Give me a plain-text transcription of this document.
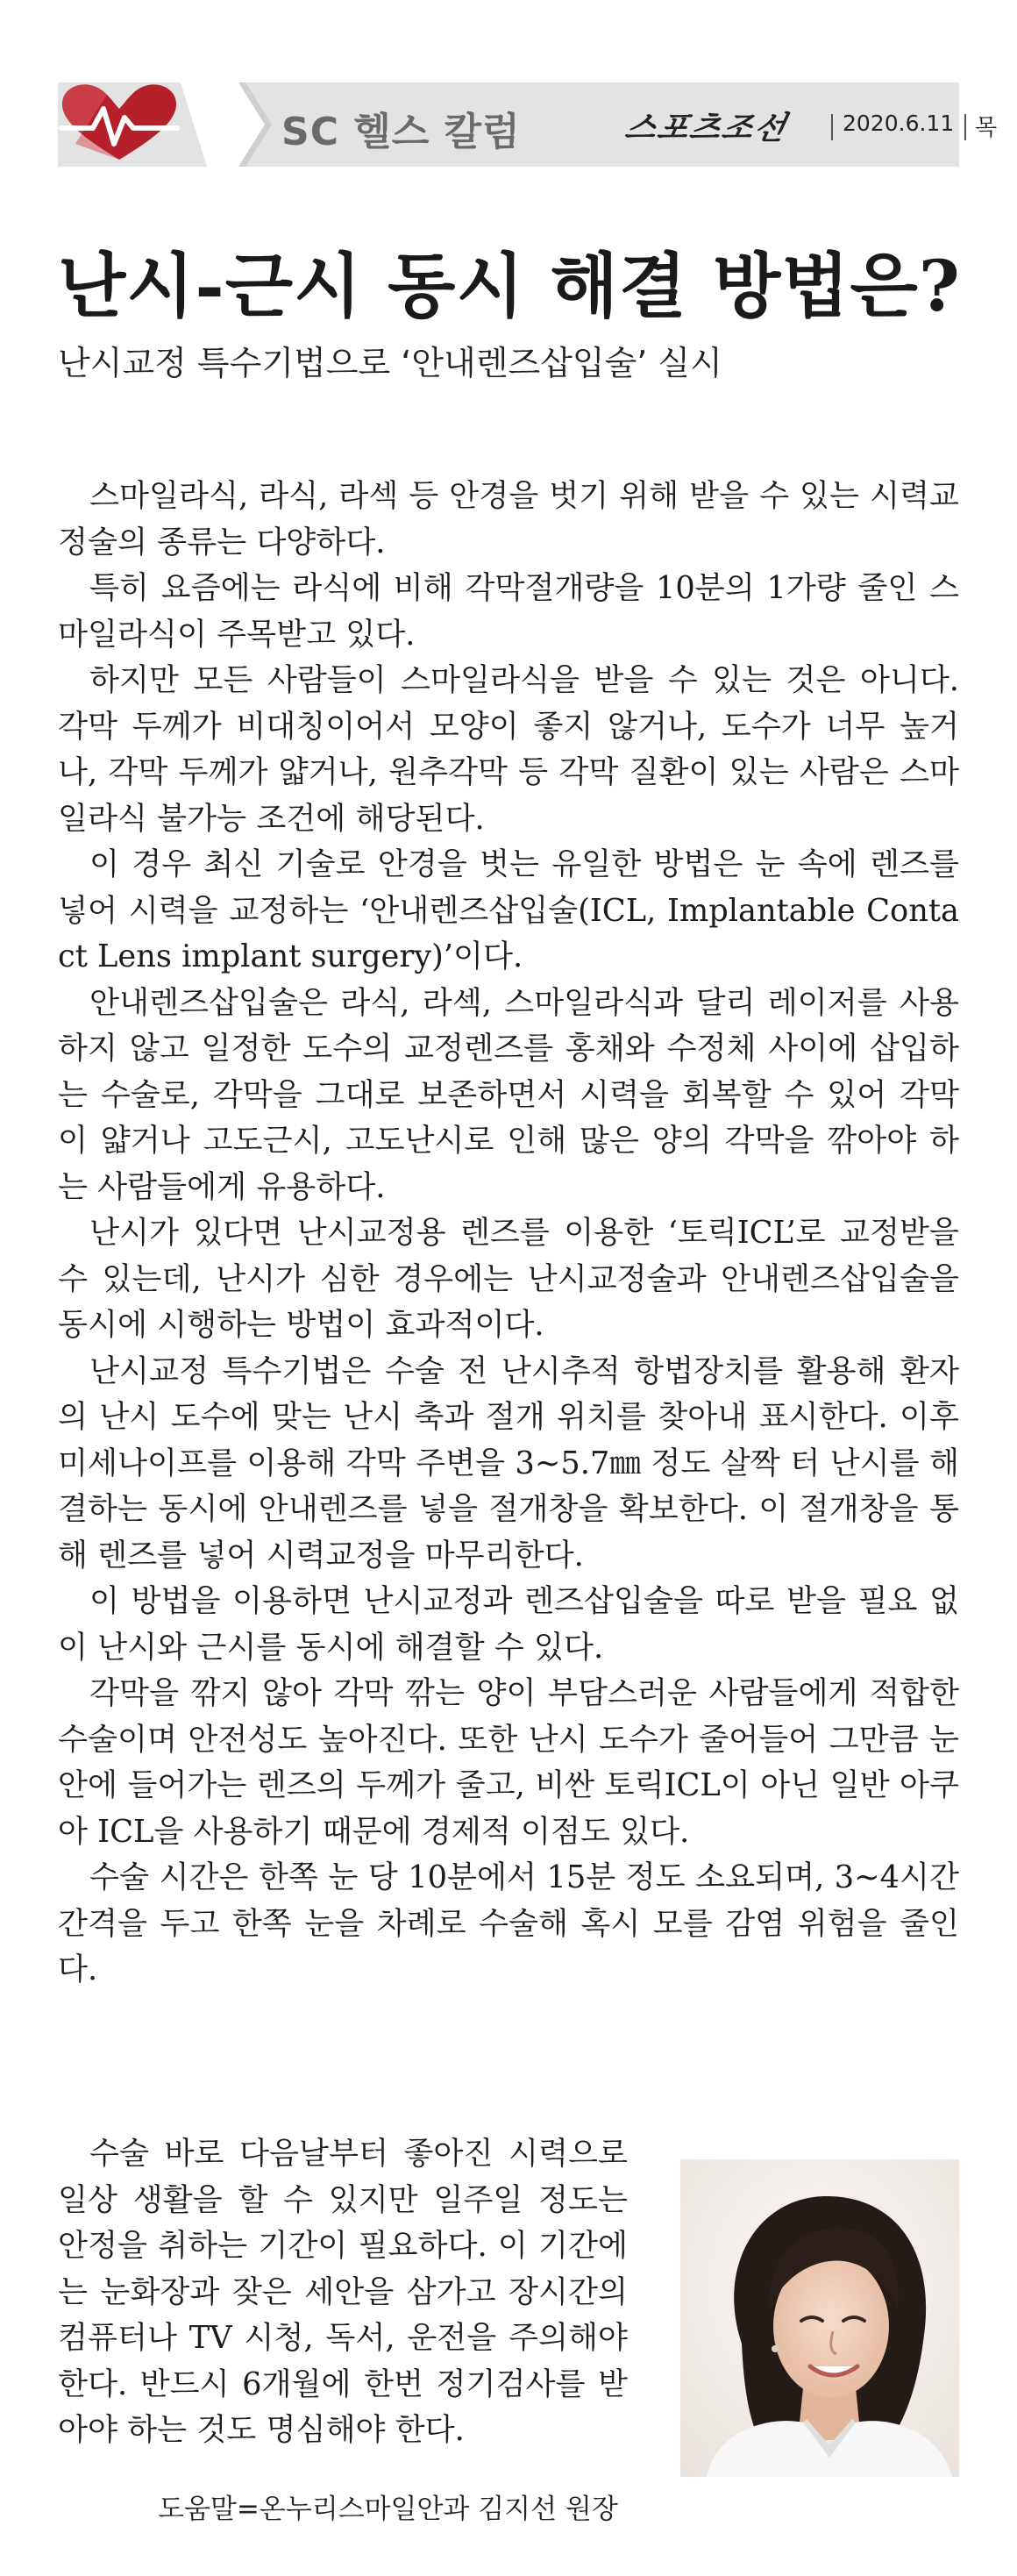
SC 헬스 칼럼	스포츠조선 2020.6.11 목
난시-근시 동시 해결 방법은?
난시교정 특수기법으로 ‘안내렌즈삽입술’ 실시

스마일라식, 라식, 라섹 등 안경을 벗기 위해 받을 수 있는 시력교정술의 종류는 다양하다.

특히 요즘에는 라식에 비해 각막절개량을 10분의 1가량 줄인 스마일라식이 주목받고 있다.

하지만 모든 사람들이 스마일라식을 받을 수 있는 것은 아니다. 각막 두께가 비대칭이어서 모양이 좋지 않거나, 도수가 너무 높거나, 각막 두께가 얇거나, 원추각막 등 각막 질환이 있는 사람은 스마일라식 불가능 조건에 해당된다.

이 경우 최신 기술로 안경을 벗는 유일한 방법은 눈 속에 렌즈를 넣어 시력을 교정하는 ‘안내렌즈삽입술(ICL, Implantable Contact Lens implant surgery)’이다.

안내렌즈삽입술은 라식, 라섹, 스마일라식과 달리 레이저를 사용하지 않고 일정한 도수의 교정렌즈를 홍채와 수정체 사이에 삽입하는 수술로, 각막을 그대로 보존하면서 시력을 회복할 수 있어 각막이 얇거나 고도근시, 고도난시로 인해 많은 양의 각막을 깎아야 하는 사람들에게 유용하다.

난시가 있다면 난시교정용 렌즈를 이용한 ‘토릭ICL’로 교정받을 수 있는데, 난시가 심한 경우에는 난시교정술과 안내렌즈삽입술을 동시에 시행하는 방법이 효과적이다.

난시교정 특수기법은 수술 전 난시추적 항법장치를 활용해 환자의 난시 도수에 맞는 난시 축과 절개 위치를 찾아내 표시한다. 이후 미세나이프를 이용해 각막 주변을 3~5.7㎜ 정도 살짝 터 난시를 해결하는 동시에 안내렌즈를 넣을 절개창을 확보한다. 이 절개창을 통해 렌즈를 넣어 시력교정을 마무리한다.

이 방법을 이용하면 난시교정과 렌즈삽입술을 따로 받을 필요 없이 난시와 근시를 동시에 해결할 수 있다.

각막을 깎지 않아 각막 깎는 양이 부담스러운 사람들에게 적합한 수술이며 안전성도 높아진다. 또한 난시 도수가 줄어들어 그만큼 눈 안에 들어가는 렌즈의 두께가 줄고, 비싼 토릭ICL이 아닌 일반 아쿠아 ICL을 사용하기 때문에 경제적 이점도 있다.

수술 시간은 한쪽 눈 당 10분에서 15분 정도 소요되며, 3~4시간 간격을 두고 한쪽 눈을 차례로 수술해 혹시 모를 감염 위험을 줄인다.

수술 바로 다음날부터 좋아진 시력으로 일상 생활을 할 수 있지만 일주일 정도는 안정을 취하는 기간이 필요하다. 이 기간에는 눈화장과 잦은 세안을 삼가고 장시간의 컴퓨터나 TV 시청, 독서, 운전을 주의해야 한다. 반드시 6개월에 한번 정기검사를 받아야 하는 것도 명심해야 한다.

도움말=온누리스마일안과 김지선 원장
